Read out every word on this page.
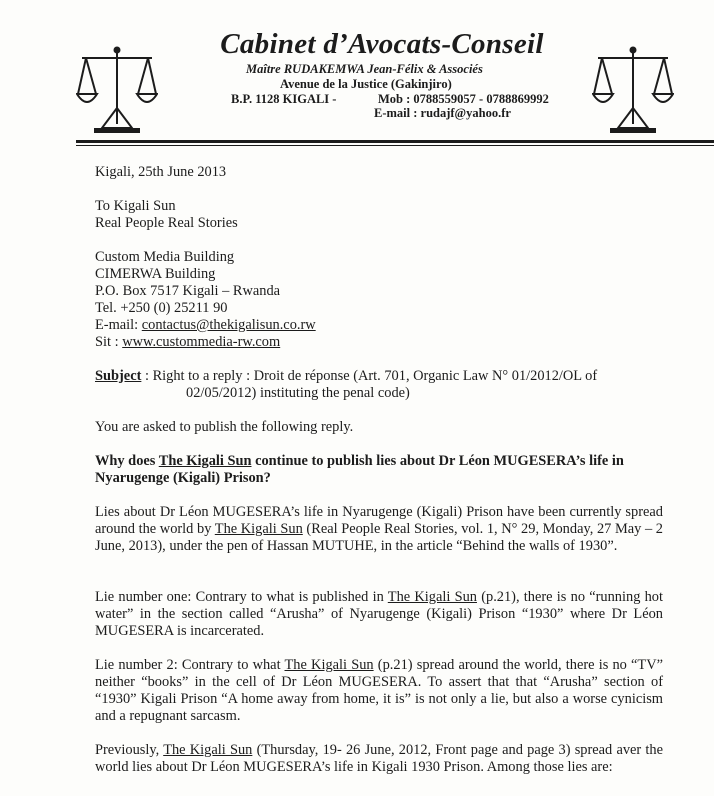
Cabinet d’Avocats-Conseil
Maître RUDAKEMWA Jean-Félix & Associés
Avenue de la Justice (Gakinjiro)
B.P. 1128 KIGALI -	Mob : 0788559057 - 0788869992
E-mail : rudajf@yahoo.fr

Kigali, 25th June 2013

To Kigali Sun

Real People Real Stories

Custom Media Building

CIMERWA Building

P.O. Box 7517 Kigali – Rwanda

Tel. +250 (0) 25211 90

E-mail: contactus@thekigalisun.co.rw

Sit : www.custommedia-rw.com

Subject : Right to a reply : Droit de réponse (Art. 701, Organic Law N° 01/2012/OL of

02/05/2012) instituting the penal code)

You are asked to publish the following reply.

Why does The Kigali Sun continue to publish lies about Dr Léon MUGESERA’s life in

Nyarugenge (Kigali) Prison?

Lies about Dr Léon MUGESERA’s life in Nyarugenge (Kigali) Prison have been currently spread around the world by The Kigali Sun (Real People Real Stories, vol. 1, N° 29, Monday, 27 May – 2 June, 2013), under the pen of Hassan MUTUHE, in the article “Behind the walls of 1930”.

Lie number one: Contrary to what is published in The Kigali Sun (p.21), there is no “running hot water” in the section called “Arusha” of Nyarugenge (Kigali) Prison “1930” where Dr Léon MUGESERA is incarcerated.

Lie number 2: Contrary to what The Kigali Sun (p.21) spread around the world, there is no “TV” neither “books” in the cell of Dr Léon MUGESERA. To assert that that “Arusha” section of “1930” Kigali Prison “A home away from home, it is” is not only a lie, but also a worse cynicism and a repugnant sarcasm.

Previously, The Kigali Sun (Thursday, 19- 26 June, 2012, Front page and page 3) spread aver the world lies about Dr Léon MUGESERA’s life in Kigali 1930 Prison. Among those lies are:
